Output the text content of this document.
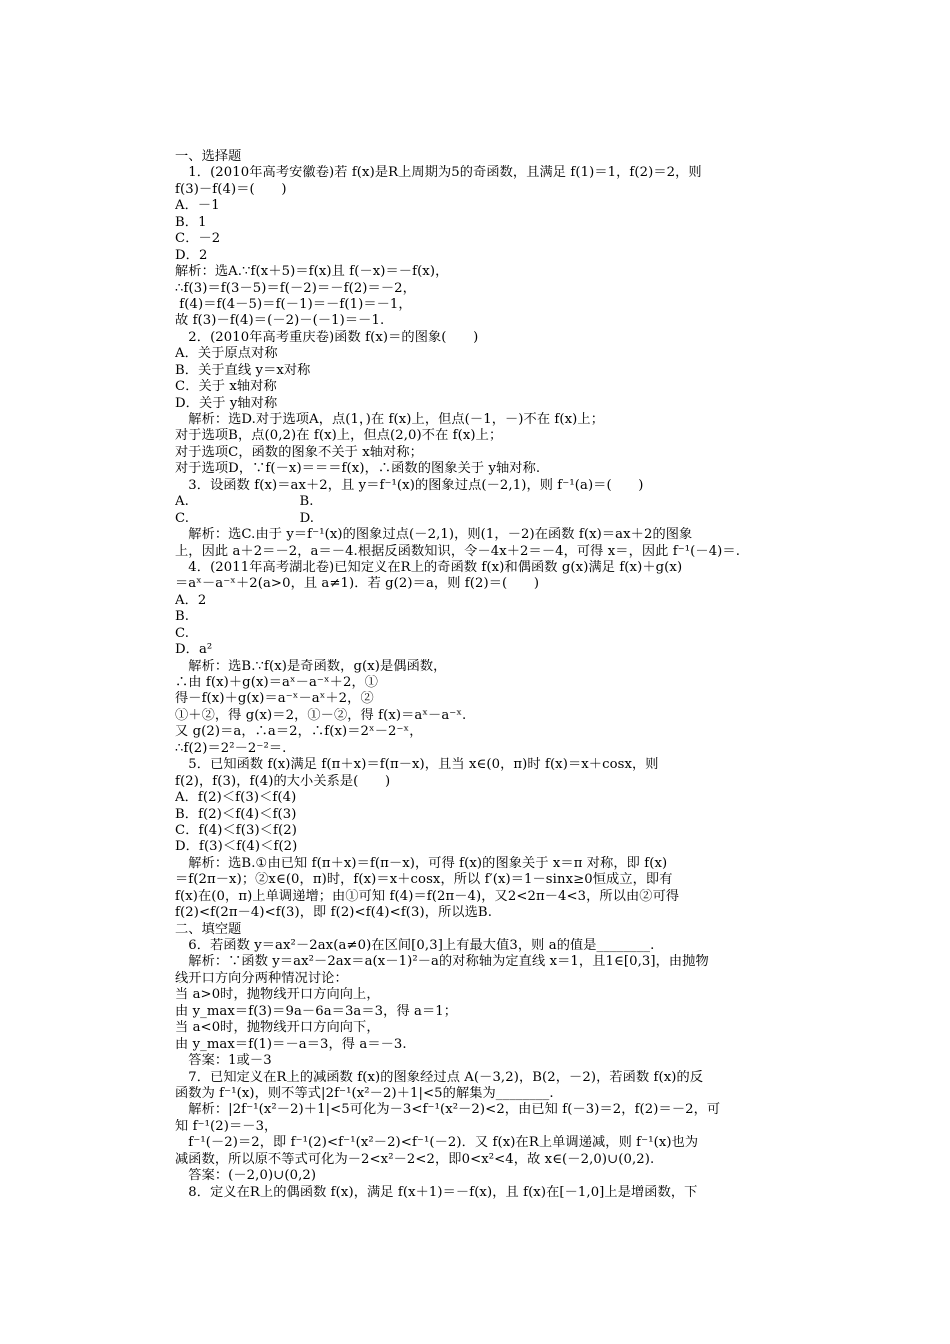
一、选择题
　1．(2010年高考安徽卷)若 f(x)是R上周期为5的奇函数，且满足 f(1)＝1，f(2)＝2，则
f(3)－f(4)＝(　　)
A．－1
B．1
C．－2
D．2
解析：选A.∵f(x＋5)＝f(x)且 f(－x)＝－f(x)，
∴f(3)＝f(3－5)＝f(－2)＝－f(2)＝－2，
f(4)＝f(4－5)＝f(－1)＝－f(1)＝－1，
故 f(3)－f(4)＝(－2)－(－1)＝－1.
　2．(2010年高考重庆卷)函数 f(x)＝的图象(　　)
A．关于原点对称
B．关于直线 y＝x对称
C．关于 x轴对称
D．关于 y轴对称
　解析：选D.对于选项A，点(1，)在 f(x)上，但点(－1，－)不在 f(x)上；
对于选项B，点(0,2)在 f(x)上，但点(2,0)不在 f(x)上；
对于选项C，函数的图象不关于 x轴对称；
对于选项D，∵f(－x)＝＝＝f(x)，∴函数的图象关于 y轴对称.
　3．设函数 f(x)＝ax＋2，且 y＝f⁻¹(x)的图象过点(－2,1)，则 f⁻¹(a)＝(　　)
A.　　　　　　　　 B.
C.　　　　　　　　 D.
　解析：选C.由于 y＝f⁻¹(x)的图象过点(－2,1)，则(1，－2)在函数 f(x)＝ax＋2的图象
上，因此 a＋2＝－2，a＝－4.根据反函数知识，令－4x＋2＝－4，可得 x＝，因此 f⁻¹(－4)＝.
　4．(2011年高考湖北卷)已知定义在R上的奇函数 f(x)和偶函数 g(x)满足 f(x)＋g(x)
＝aˣ－a⁻ˣ＋2(a>0，且 a≠1)．若 g(2)＝a，则 f(2)＝(　　)
A．2
B.
C.
D．a²
　解析：选B.∵f(x)是奇函数，g(x)是偶函数，
∴由 f(x)＋g(x)＝aˣ－a⁻ˣ＋2，①
得－f(x)＋g(x)＝a⁻ˣ－aˣ＋2，②
①＋②，得 g(x)＝2，①－②，得 f(x)＝aˣ－a⁻ˣ.
又 g(2)＝a，∴a＝2，∴f(x)＝2ˣ－2⁻ˣ，
∴f(2)＝2²－2⁻²＝.
　5．已知函数 f(x)满足 f(π＋x)＝f(π－x)，且当 x∈(0，π)时 f(x)＝x＋cosx，则
f(2)，f(3)，f(4)的大小关系是(　　)
A．f(2)＜f(3)＜f(4)
B．f(2)＜f(4)＜f(3)
C．f(4)＜f(3)＜f(2)
D．f(3)＜f(4)＜f(2)
　解析：选B.①由已知 f(π＋x)＝f(π－x)，可得 f(x)的图象关于 x＝π 对称，即 f(x)
＝f(2π－x)；②x∈(0，π)时，f(x)＝x＋cosx，所以 f′(x)＝1－sinx≥0恒成立，即有
f(x)在(0，π)上单调递增；由①可知 f(4)＝f(2π－4)，又2<2π－4<3，所以由②可得
f(2)<f(2π－4)<f(3)，即 f(2)<f(4)<f(3)，所以选B.
二、填空题
　6．若函数 y＝ax²－2ax(a≠0)在区间[0,3]上有最大值3，则 a的值是________.
　解析：∵函数 y＝ax²－2ax＝a(x－1)²－a的对称轴为定直线 x＝1，且1∈[0,3]，由抛物
线开口方向分两种情况讨论：
当 a>0时，抛物线开口方向向上，
由 y_max＝f(3)＝9a－6a＝3a＝3，得 a＝1；
当 a<0时，抛物线开口方向向下，
由 y_max＝f(1)＝－a＝3，得 a＝－3.
　答案：1或－3
　7．已知定义在R上的减函数 f(x)的图象经过点 A(－3,2)，B(2，－2)，若函数 f(x)的反
函数为 f⁻¹(x)，则不等式|2f⁻¹(x²－2)＋1|<5的解集为________.
　解析：|2f⁻¹(x²－2)＋1|<5可化为－3<f⁻¹(x²－2)<2，由已知 f(－3)＝2，f(2)＝－2，可
知 f⁻¹(2)＝－3，
　f⁻¹(－2)＝2，即 f⁻¹(2)<f⁻¹(x²－2)<f⁻¹(－2)．又 f(x)在R上单调递减，则 f⁻¹(x)也为
减函数，所以原不等式可化为－2<x²－2<2，即0<x²<4，故 x∈(－2,0)∪(0,2).
　答案：(－2,0)∪(0,2)
　8．定义在R上的偶函数 f(x)，满足 f(x＋1)＝－f(x)，且 f(x)在[－1,0]上是增函数，下
